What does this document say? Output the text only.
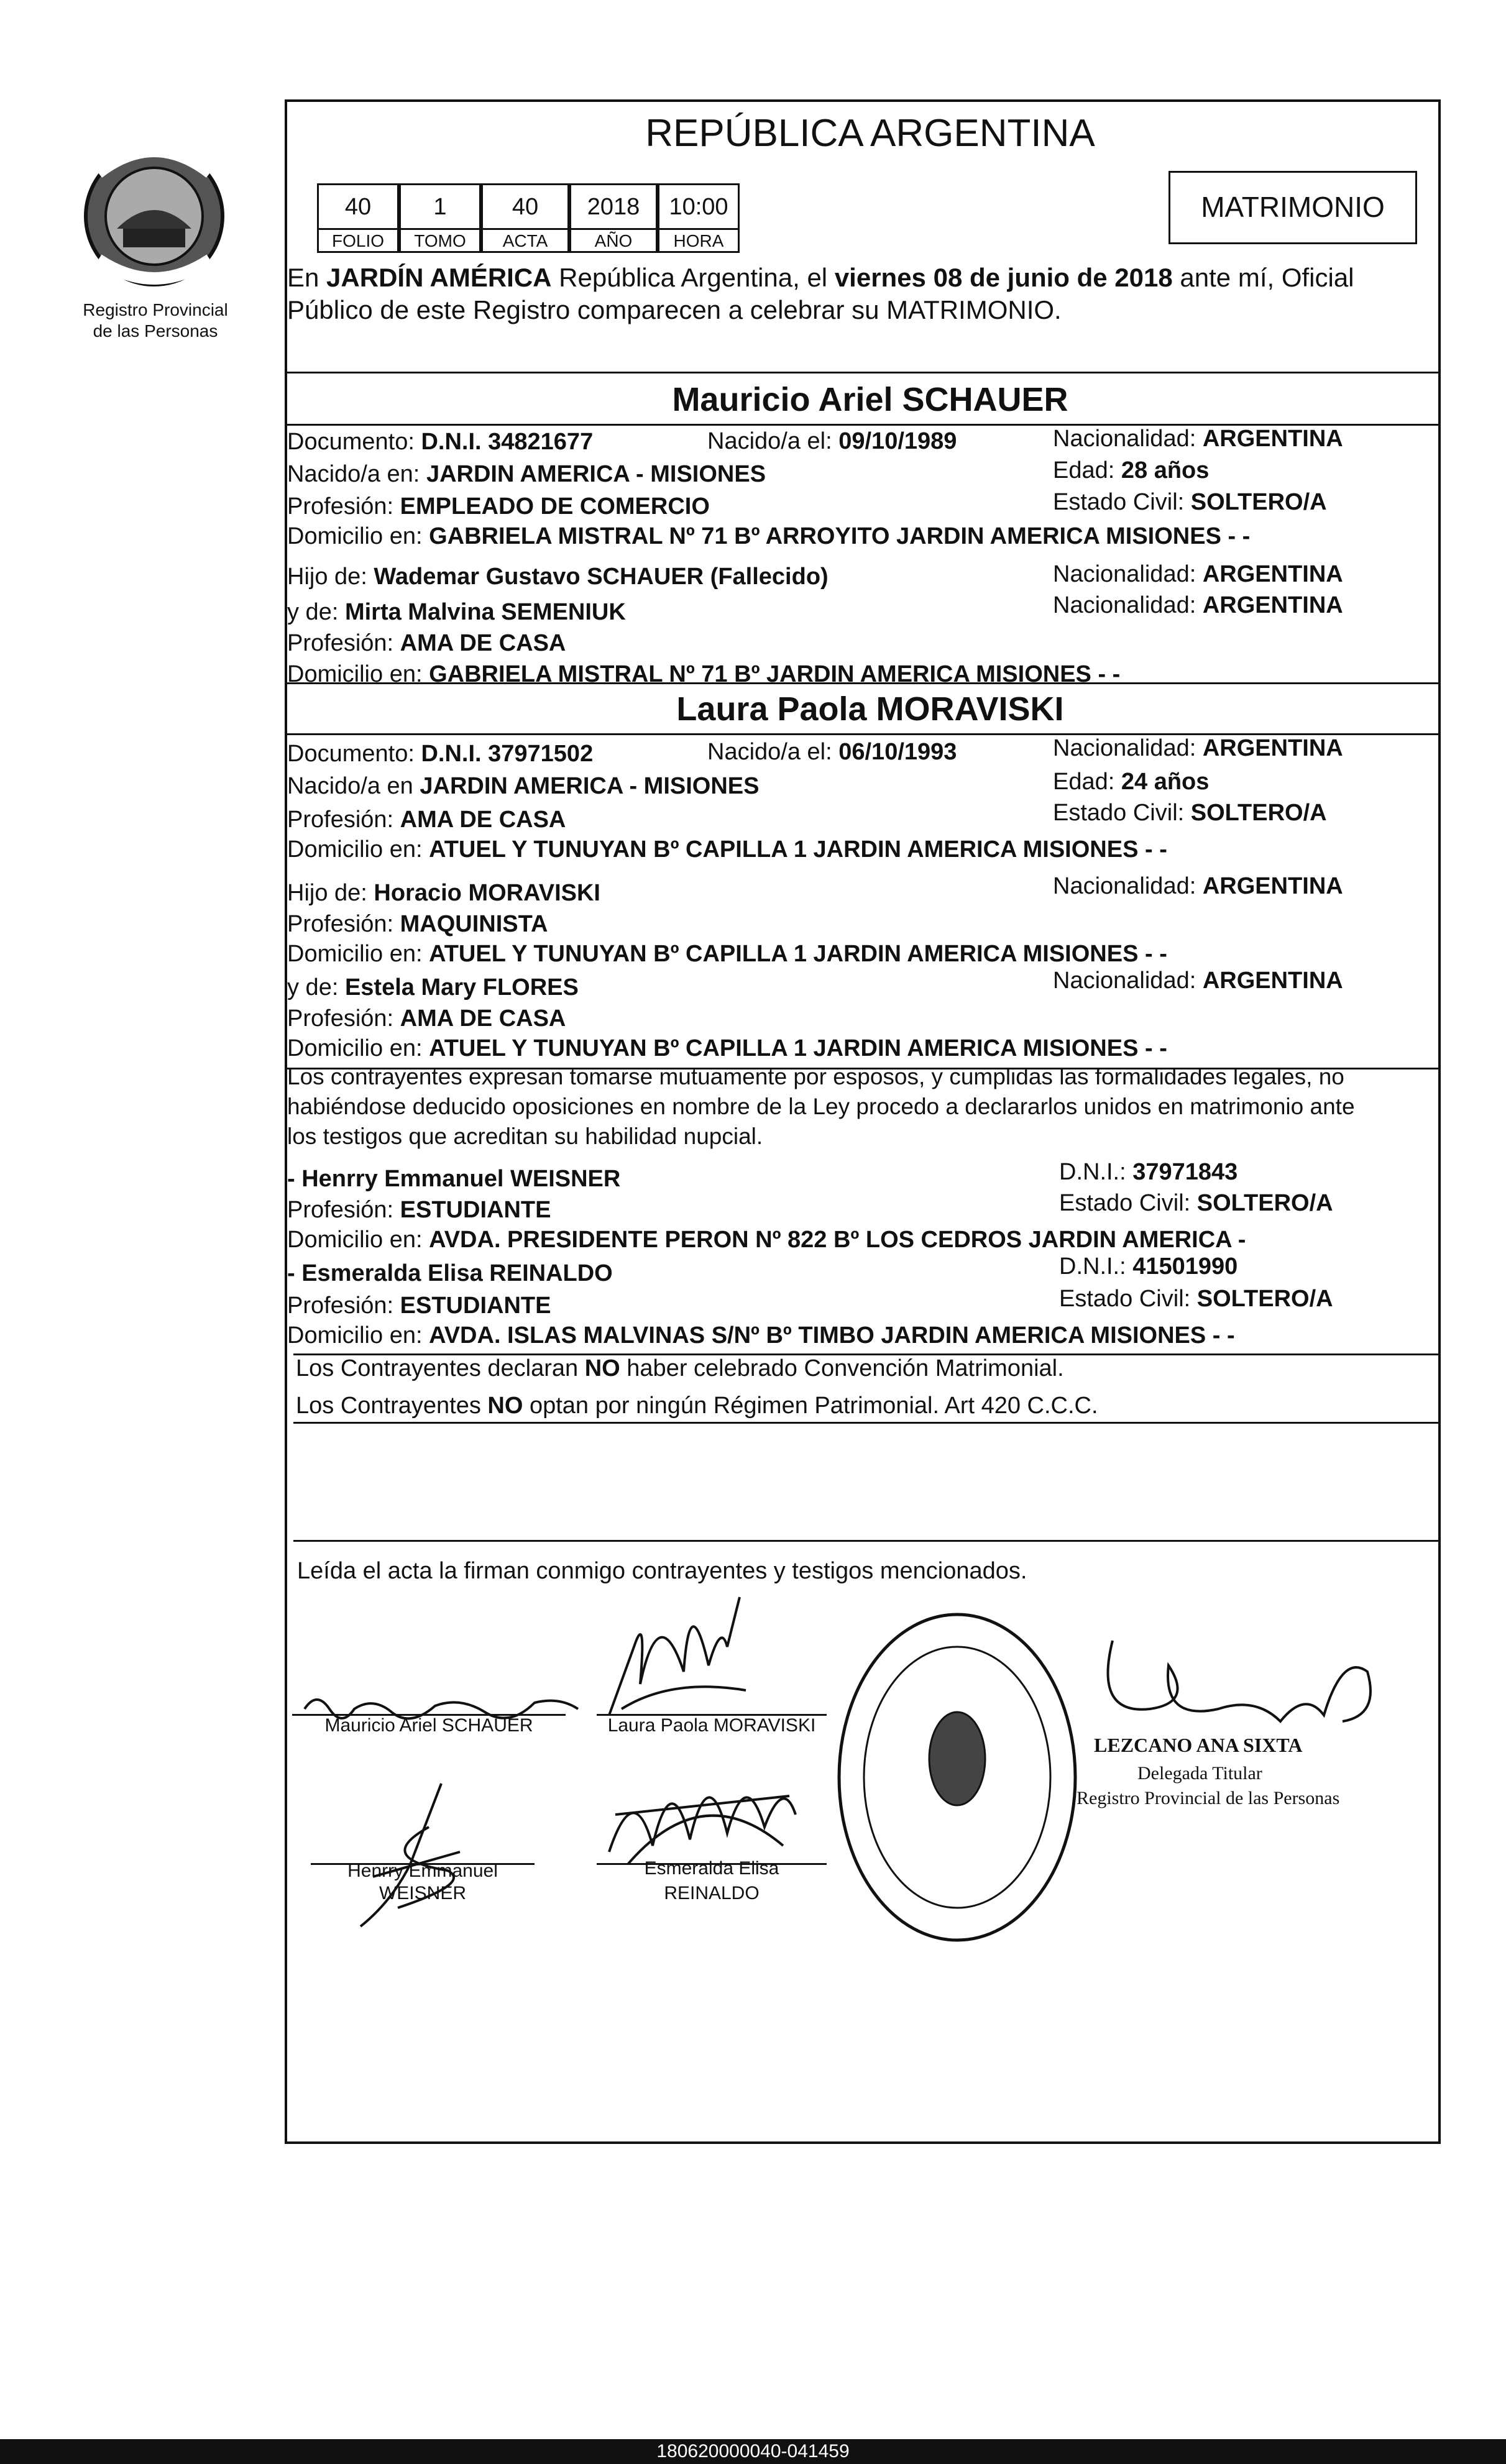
Registro Provincial
de las Personas
REPÚBLICA ARGENTINA
40	1	40	2018	10:00
FOLIO	TOMO	ACTA	AÑO	HORA
MATRIMONIO
En JARDÍN AMÉRICA República Argentina, el viernes 08 de junio de 2018 ante mí, Oficial
Público de este Registro comparecen a celebrar su MATRIMONIO.
Mauricio Ariel SCHAUER
Documento: D.N.I. 34821677	Nacido/a el: 09/10/1989	Nacionalidad: ARGENTINA
Nacido/a en: JARDIN AMERICA - MISIONES	Edad: 28 años
Profesión: EMPLEADO DE COMERCIO	Estado Civil: SOLTERO/A
Domicilio en: GABRIELA MISTRAL Nº 71 Bº ARROYITO JARDIN AMERICA MISIONES - -
Hijo de: Wademar Gustavo SCHAUER (Fallecido)	Nacionalidad: ARGENTINA
y de: Mirta Malvina SEMENIUK	Nacionalidad: ARGENTINA
Profesión: AMA DE CASA
Domicilio en: GABRIELA MISTRAL Nº 71 Bº JARDIN AMERICA MISIONES - -
Laura Paola MORAVISKI
Documento: D.N.I. 37971502	Nacido/a el: 06/10/1993	Nacionalidad: ARGENTINA
Nacido/a en JARDIN AMERICA - MISIONES	Edad: 24 años
Profesión: AMA DE CASA	Estado Civil: SOLTERO/A
Domicilio en: ATUEL Y TUNUYAN Bº CAPILLA 1 JARDIN AMERICA MISIONES - -
Hijo de: Horacio MORAVISKI	Nacionalidad: ARGENTINA
Profesión: MAQUINISTA
Domicilio en: ATUEL Y TUNUYAN Bº CAPILLA 1 JARDIN AMERICA MISIONES - -
y de: Estela Mary FLORES	Nacionalidad: ARGENTINA
Profesión: AMA DE CASA
Domicilio en: ATUEL Y TUNUYAN Bº CAPILLA 1 JARDIN AMERICA MISIONES - -
Los contrayentes expresan tomarse mutuamente por esposos, y cumplidas las formalidades legales, no
habiéndose deducido oposiciones en nombre de la Ley procedo a declararlos unidos en matrimonio ante
los testigos que acreditan su habilidad nupcial.
- Henrry Emmanuel WEISNER	D.N.I.: 37971843
Profesión: ESTUDIANTE	Estado Civil: SOLTERO/A
Domicilio en: AVDA. PRESIDENTE PERON Nº 822 Bº LOS CEDROS JARDIN AMERICA -
- Esmeralda Elisa REINALDO	D.N.I.: 41501990
Profesión: ESTUDIANTE	Estado Civil: SOLTERO/A
Domicilio en: AVDA. ISLAS MALVINAS S/Nº Bº TIMBO JARDIN AMERICA MISIONES - -
Los Contrayentes declaran NO haber celebrado Convención Matrimonial.
Los Contrayentes NO optan por ningún Régimen Patrimonial. Art 420 C.C.C.
Leída el acta la firman conmigo contrayentes y testigos mencionados.
Mauricio Ariel SCHAUER	Laura Paola MORAVISKI
Henrry Emmanuel
WEISNER
Esmeralda Elisa
REINALDO
LEZCANO ANA SIXTA
Delegada Titular
Registro Provincial de las Personas
180620000040-041459
